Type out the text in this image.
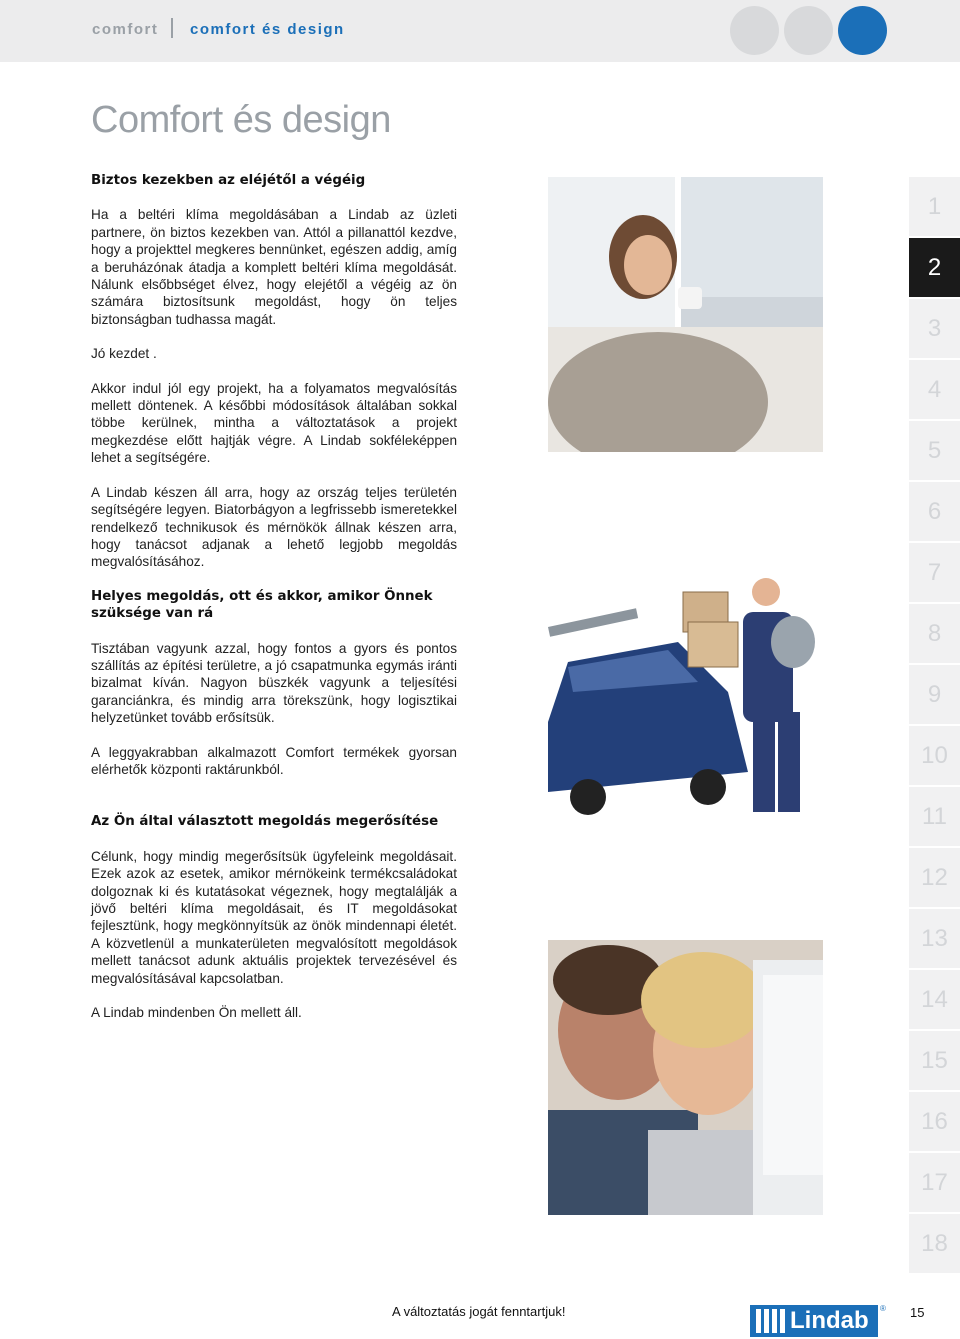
comfort comfort és design
Comfort és design
Biztos kezekben az eléjétől a végéig

Ha a beltéri klíma megoldásában a Lindab az üzleti partnere, ön biztos kezekben van. Attól a pillanattól kezdve, hogy a projekttel megkeres bennünket, egészen addig, amíg a beruházónak átadja a komplett beltéri klíma megoldását. Nálunk elsőbbséget élvez, hogy elejétől a végéig az ön számára biztosítsunk megoldást, hogy ön teljes biztonságban tudhassa magát.

Jó kezdet .

Akkor indul jól egy projekt, ha a folyamatos megvalósítás mellett döntenek. A későbbi módosítások általában sokkal többe kerülnek, mintha a változtatások a projekt megkezdése előtt hajtják végre. A Lindab sokféleképpen lehet a segítségére.

A Lindab készen áll arra, hogy az ország teljes területén segítségére legyen. Biatorbágyon a legfrissebb ismeretekkel rendelkező technikusok és mérnökök állnak készen arra, hogy tanácsot adjanak a lehető legjobb megoldás megvalósításához.

Helyes megoldás, ott és akkor, amikor Önnek szüksége van rá

Tisztában vagyunk azzal, hogy fontos a gyors és pontos szállítás az építési területre, a jó csapatmunka egymás iránti bizalmat kíván. Nagyon büszkék vagyunk a teljesítési garanciánkra, és mindig arra törekszünk, hogy logisztikai helyzetünket tovább erősítsük.

A leggyakrabban alkalmazott Comfort termékek gyorsan elérhetők központi raktárunkból.

Az Ön által választott megoldás megerősítése

Célunk, hogy mindig megerősítsük ügyfeleink megoldásait. Ezek azok az esetek, amikor mérnökeink termékcsaládokat dolgoznak ki és kutatásokat végeznek, hogy megtalálják a jövő beltéri klíma megoldásait, és IT megoldásokat fejlesztünk, hogy megkönnyítsük az önök mindennapi életét. A közvetlenül a munkaterületen megvalósított megoldások mellett tanácsot adunk aktuális projektek tervezésével és megvalósításával kapcsolatban.

A Lindab mindenben Ön mellett áll.

1
2
3
4
5
6
7
8
9
10
11
12
13
14
15
16
17
18
A változtatás jogát fenntartjuk!	Lindab ® 15
